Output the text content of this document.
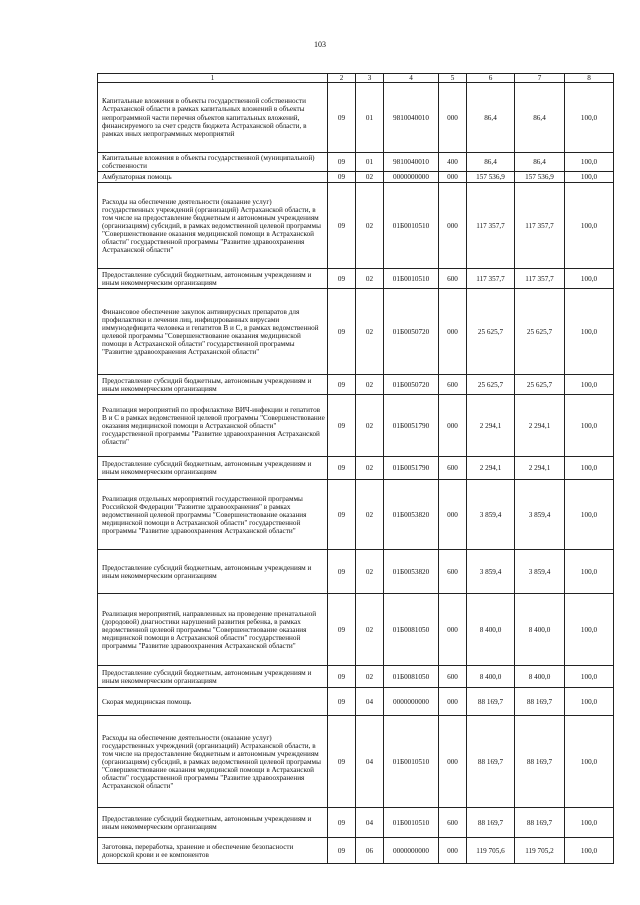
103
1	2	3	4	5	6	7	8
Капитальные вложения в объекты государственной собственности Астраханской области в рамках капитальных вложений в объекты непрограммной части перечня объектов капитальных вложений, финансируемого за счет средств бюджета Астраханской области, в рамках иных непрограммных мероприятий	09	01	9810040010	000	86,4	86,4	100,0
Капитальные вложения в объекты государственной (муниципальной) собственности	09	01	9810040010	400	86,4	86,4	100,0
Амбулаторная помощь	09	02	0000000000	000	157 536,9	157 536,9	100,0
Расходы на обеспечение деятельности (оказание услуг) государственных учреждений (организаций) Астраханской области, в том числе на предоставление бюджетным и автономным учреждениям (организациям) субсидий, в рамках ведомственной целевой программы "Совершенствование оказания медицинской помощи в Астраханской области" государственной программы "Развитие здравоохранения Астраханской области"	09	02	01Б0010510	000	117 357,7	117 357,7	100,0
Предоставление субсидий бюджетным, автономным учреждениям и иным некоммерческим организациям	09	02	01Б0010510	600	117 357,7	117 357,7	100,0
Финансовое обеспечение закупок антивирусных препаратов для профилактики и лечения лиц, инфицированных вирусами иммунодефицита человека и гепатитов В и С, в рамках ведомственной целевой программы "Совершенствование оказания медицинской помощи в Астраханской области" государственной программы "Развитие здравоохранения Астраханской области"	09	02	01Б0050720	000	25 625,7	25 625,7	100,0
Предоставление субсидий бюджетным, автономным учреждениям и иным некоммерческим организациям	09	02	01Б0050720	600	25 625,7	25 625,7	100,0
Реализация мероприятий по профилактике ВИЧ-инфекции и гепатитов В и С в рамках ведомственной целевой программы "Совершенствование оказания медицинской помощи в Астраханской области" государственной программы "Развитие здравоохранения Астраханской области"	09	02	01Б0051790	000	2 294,1	2 294,1	100,0
Предоставление субсидий бюджетным, автономным учреждениям и иным некоммерческим организациям	09	02	01Б0051790	600	2 294,1	2 294,1	100,0
Реализация отдельных мероприятий государственной программы Российской Федерации "Развитие здравоохранения" в рамках ведомственной целевой программы "Совершенствование оказания медицинской помощи в Астраханской области" государственной программы "Развитие здравоохранения Астраханской области"	09	02	01Б0053820	000	3 859,4	3 859,4	100,0
Предоставление субсидий бюджетным, автономным учреждениям и иным некоммерческим организациям	09	02	01Б0053820	600	3 859,4	3 859,4	100,0
Реализация мероприятий, направленных на проведение пренатальной (дородовой) диагностики нарушений развития ребенка, в рамках ведомственной целевой программы "Совершенствование оказания медицинской помощи в Астраханской области" государственной программы "Развитие здравоохранения Астраханской области"	09	02	01Б0081050	000	8 400,0	8 400,0	100,0
Предоставление субсидий бюджетным, автономным учреждениям и иным некоммерческим организациям	09	02	01Б0081050	600	8 400,0	8 400,0	100,0
Скорая медицинская помощь	09	04	0000000000	000	88 169,7	88 169,7	100,0
Расходы на обеспечение деятельности (оказание услуг) государственных учреждений (организаций) Астраханской области, в том числе на предоставление бюджетным и автономным учреждениям (организациям) субсидий, в рамках ведомственной целевой программы "Совершенствование оказания медицинской помощи в Астраханской области" государственной программы "Развитие здравоохранения Астраханской области"	09	04	01Б0010510	000	88 169,7	88 169,7	100,0
Предоставление субсидий бюджетным, автономным учреждениям и иным некоммерческим организациям	09	04	01Б0010510	600	88 169,7	88 169,7	100,0
Заготовка, переработка, хранение и обеспечение безопасности донорской крови и ее компонентов	09	06	0000000000	000	119 705,6	119 705,2	100,0
